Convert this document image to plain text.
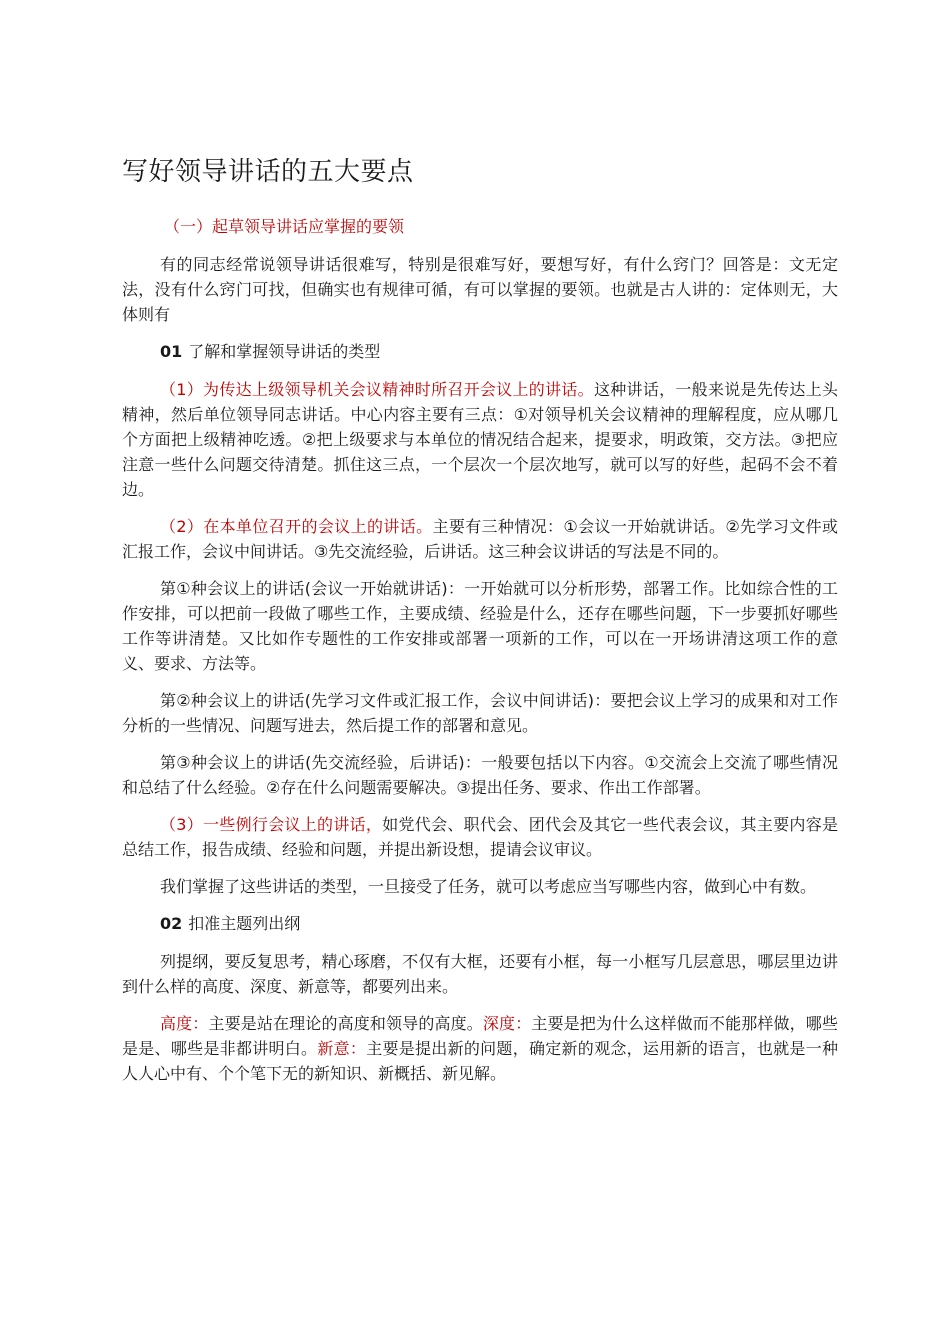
写好领导讲话的五大要点

（一）起草领导讲话应掌握的要领

有的同志经常说领导讲话很难写，特别是很难写好，要想写好，有什么窍门？回答是：文无定法，没有什么窍门可找，但确实也有规律可循，有可以掌握的要领。也就是古人讲的：定体则无，大体则有

01 了解和掌握领导讲话的类型

（1）为传达上级领导机关会议精神时所召开会议上的讲话。这种讲话，一般来说是先传达上头精神，然后单位领导同志讲话。中心内容主要有三点：①对领导机关会议精神的理解程度，应从哪几个方面把上级精神吃透。②把上级要求与本单位的情况结合起来，提要求，明政策，交方法。③把应注意一些什么问题交待清楚。抓住这三点，一个层次一个层次地写，就可以写的好些，起码不会不着边。

（2）在本单位召开的会议上的讲话。主要有三种情况：①会议一开始就讲话。②先学习文件或汇报工作，会议中间讲话。③先交流经验，后讲话。这三种会议讲话的写法是不同的。

第①种会议上的讲话(会议一开始就讲话)：一开始就可以分析形势，部署工作。比如综合性的工作安排，可以把前一段做了哪些工作，主要成绩、经验是什么，还存在哪些问题，下一步要抓好哪些工作等讲清楚。又比如作专题性的工作安排或部署一项新的工作，可以在一开场讲清这项工作的意义、要求、方法等。

第②种会议上的讲话(先学习文件或汇报工作，会议中间讲话)：要把会议上学习的成果和对工作分析的一些情况、问题写进去，然后提工作的部署和意见。

第③种会议上的讲话(先交流经验，后讲话)：一般要包括以下内容。①交流会上交流了哪些情况和总结了什么经验。②存在什么问题需要解决。③提出任务、要求、作出工作部署。

（3）一些例行会议上的讲话，如党代会、职代会、团代会及其它一些代表会议，其主要内容是总结工作，报告成绩、经验和问题，并提出新设想，提请会议审议。

我们掌握了这些讲话的类型，一旦接受了任务，就可以考虑应当写哪些内容，做到心中有数。

02 扣准主题列出纲

列提纲，要反复思考，精心琢磨，不仅有大框，还要有小框，每一小框写几层意思，哪层里边讲到什么样的高度、深度、新意等，都要列出来。

高度：主要是站在理论的高度和领导的高度。深度：主要是把为什么这样做而不能那样做，哪些是是、哪些是非都讲明白。新意：主要是提出新的问题，确定新的观念，运用新的语言，也就是一种人人心中有、个个笔下无的新知识、新概括、新见解。
